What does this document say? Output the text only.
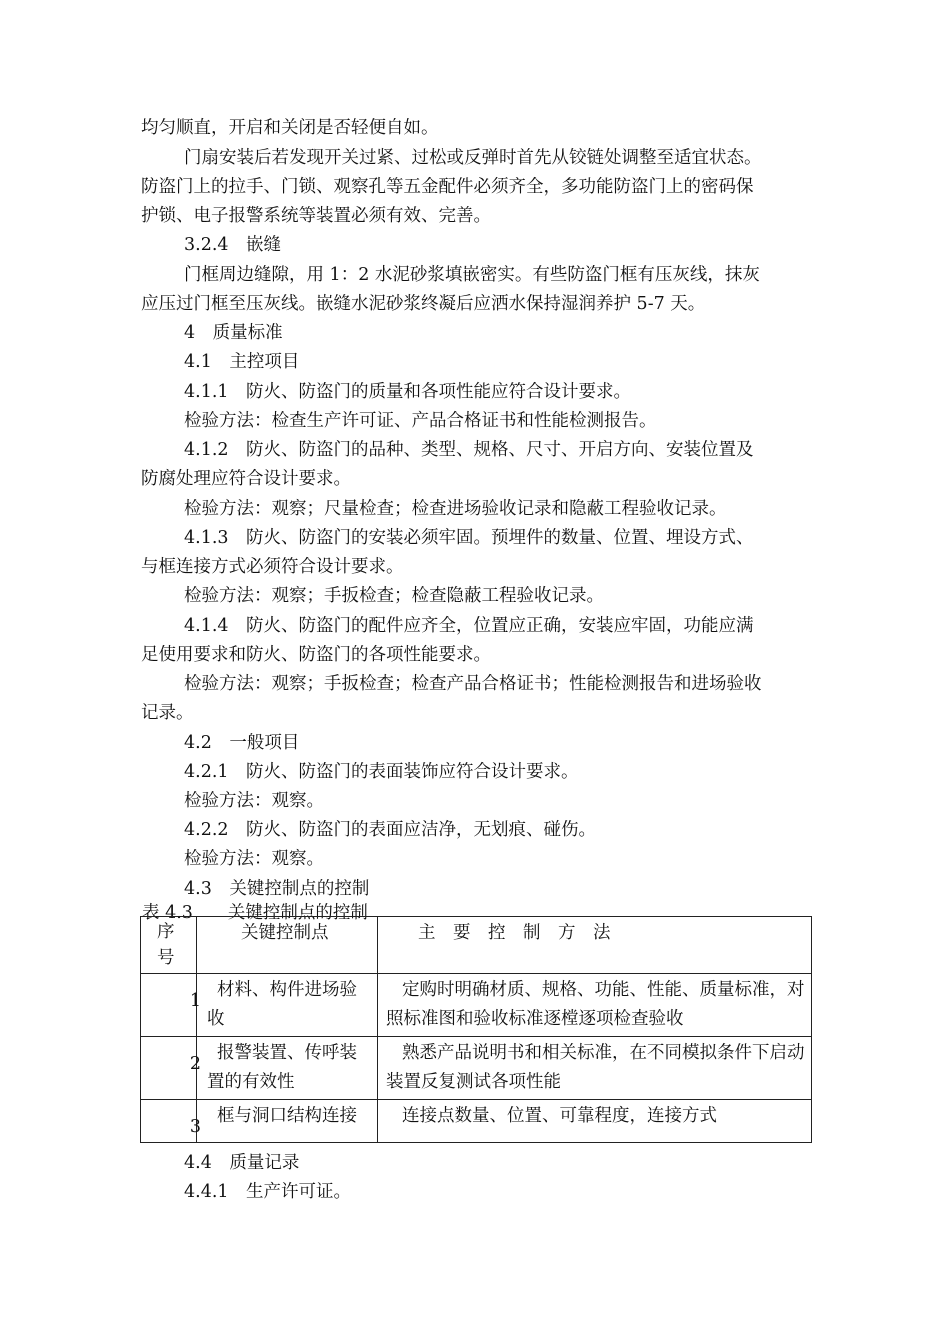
均匀顺直，开启和关闭是否轻便自如。
门扇安装后若发现开关过紧、过松或反弹时首先从铰链处调整至适宜状态。
防盗门上的拉手、门锁、观察孔等五金配件必须齐全，多功能防盗门上的密码保
护锁、电子报警系统等装置必须有效、完善。
3.2.4　嵌缝
门框周边缝隙，用 1：2 水泥砂浆填嵌密实。有些防盗门框有压灰线，抹灰
应压过门框至压灰线。嵌缝水泥砂浆终凝后应洒水保持湿润养护 5-7 天。
4　质量标准
4.1　主控项目
4.1.1　防火、防盗门的质量和各项性能应符合设计要求。
检验方法：检查生产许可证、产品合格证书和性能检测报告。
4.1.2　防火、防盗门的品种、类型、规格、尺寸、开启方向、安装位置及
防腐处理应符合设计要求。
检验方法：观察；尺量检查；检查进场验收记录和隐蔽工程验收记录。
4.1.3　防火、防盗门的安装必须牢固。预埋件的数量、位置、埋设方式、
与框连接方式必须符合设计要求。
检验方法：观察；手扳检查；检查隐蔽工程验收记录。
4.1.4　防火、防盗门的配件应齐全，位置应正确，安装应牢固，功能应满
足使用要求和防火、防盗门的各项性能要求。
检验方法：观察；手扳检查；检查产品合格证书；性能检测报告和进场验收
记录。
4.2　一般项目
4.2.1　防火、防盗门的表面装饰应符合设计要求。
检验方法：观察。
4.2.2　防火、防盗门的表面应洁净，无划痕、碰伤。
检验方法：观察。
4.3　关键控制点的控制
表 4.3　　关键控制点的控制
序号	关键控制点	主　要　控　制　方　法

1	材料、构件进场验收	定购时明确材质、规格、功能、性能、质量标准，对照标准图和验收标准逐樘逐项检查验收

2	报警装置、传呼装置的有效性	熟悉产品说明书和相关标准，在不同模拟条件下启动装置反复测试各项性能

3	框与洞口结构连接	连接点数量、位置、可靠程度，连接方式
4.4　质量记录
4.4.1　生产许可证。
